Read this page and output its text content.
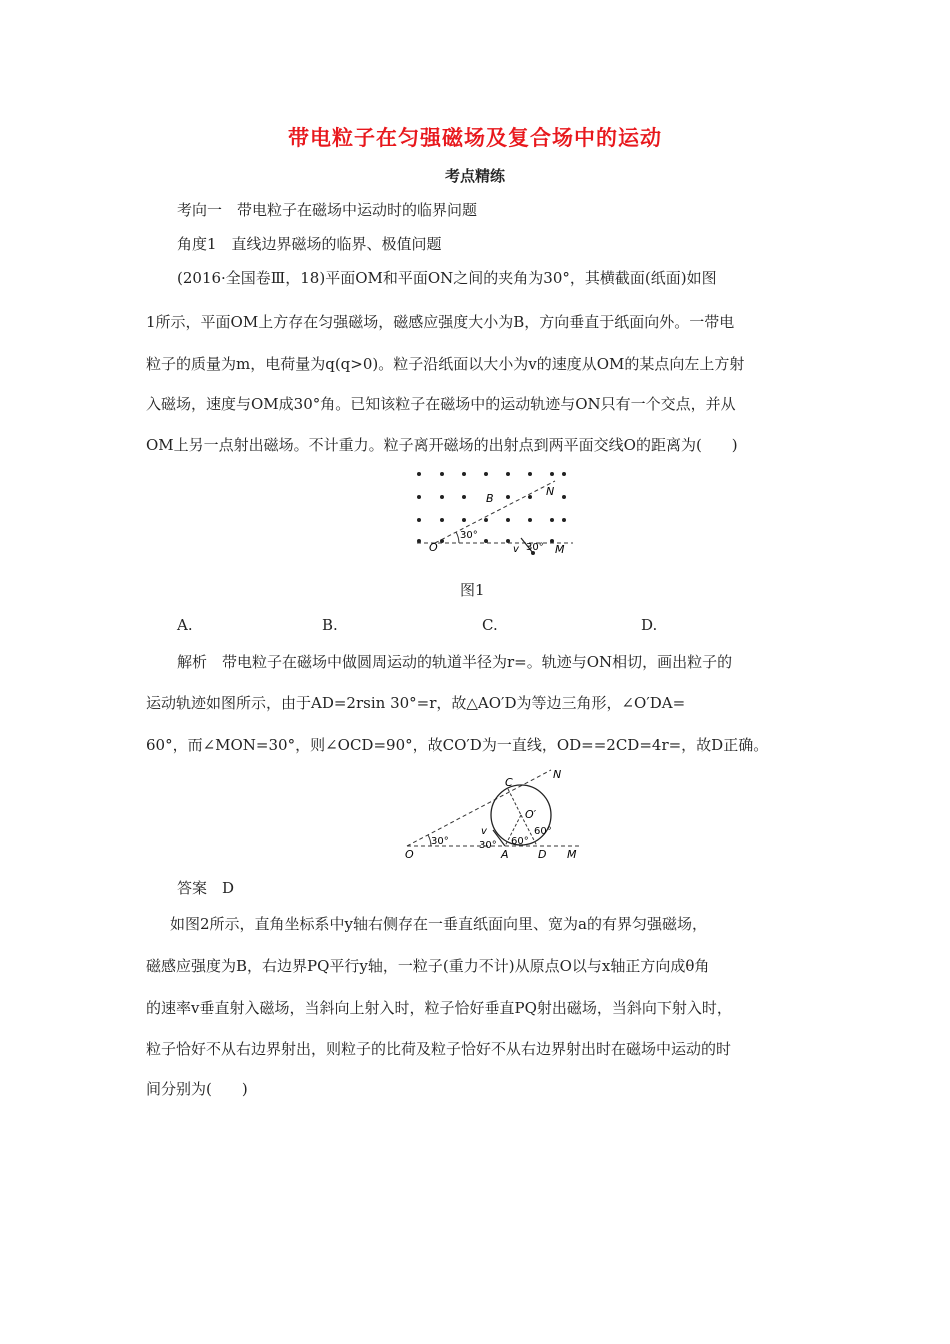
带电粒子在匀强磁场及复合场中的运动
考点精练
考向一　带电粒子在磁场中运动时的临界问题
角度1　直线边界磁场的临界、极值问题
(2016·全国卷Ⅲ，18)平面OM和平面ON之间的夹角为30°，其横截面(纸面)如图
1所示，平面OM上方存在匀强磁场，磁感应强度大小为B，方向垂直于纸面向外。一带电
粒子的质量为m，电荷量为q(q>0)。粒子沿纸面以大小为v的速度从OM的某点向左上方射
入磁场，速度与OM成30°角。已知该粒子在磁场中的运动轨迹与ON只有一个交点，并从
OM上另一点射出磁场。不计重力。粒子离开磁场的出射点到两平面交线O的距离为(　　)
O
B
N
M
v
30°
30°
图1
A.	B.	C.	D.
解析　带电粒子在磁场中做圆周运动的轨道半径为r=。轨迹与ON相切，画出粒子的
运动轨迹如图所示，由于AD=2rsin 30°=r，故△AO′D为等边三角形，∠O′DA=
60°，而∠MON=30°，则∠OCD=90°，故CO′D为一直线，OD==2CD=4r=，故D正确。
C
N
O′
60°
60°
v
30°	30°
O	A	D M
答案　D
如图2所示，直角坐标系中y轴右侧存在一垂直纸面向里、宽为a的有界匀强磁场，
磁感应强度为B，右边界PQ平行y轴，一粒子(重力不计)从原点O以与x轴正方向成θ角
的速率v垂直射入磁场，当斜向上射入时，粒子恰好垂直PQ射出磁场，当斜向下射入时，
粒子恰好不从右边界射出，则粒子的比荷及粒子恰好不从右边界射出时在磁场中运动的时
间分别为(　　)
